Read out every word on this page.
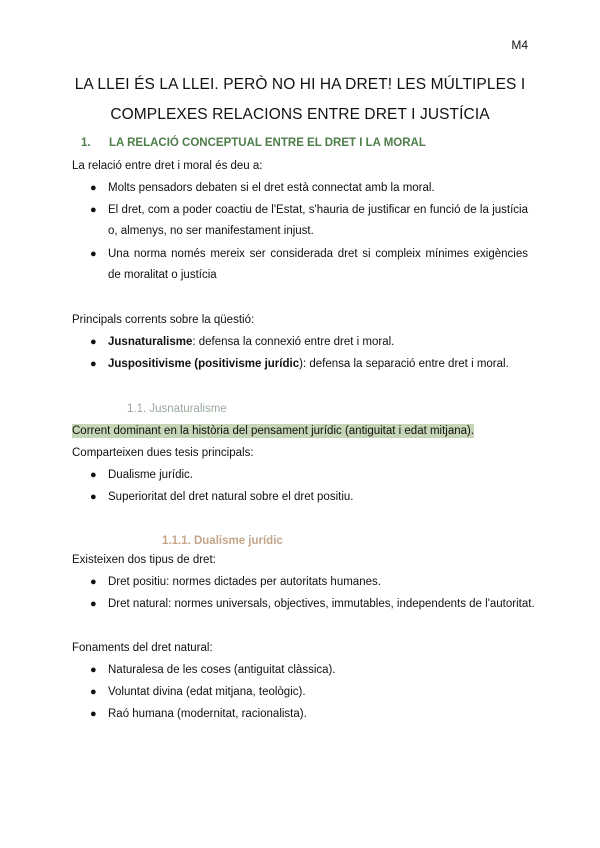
M4
LA LLEI ÉS LA LLEI. PERÒ NO HI HA DRET! LES MÚLTIPLES I
COMPLEXES RELACIONS ENTRE DRET I JUSTÍCIA
1. LA RELACIÓ CONCEPTUAL ENTRE EL DRET I LA MORAL
La relació entre dret i moral és deu a:
● Molts pensadors debaten si el dret està connectat amb la moral.
● El dret, com a poder coactiu de l'Estat, s'hauria de justificar en funció de la justícia o, almenys, no ser manifestament injust.
● Una norma només mereix ser considerada dret si compleix mínimes exigències de moralitat o justícia
Principals corrents sobre la qüestió:
● Jusnaturalisme: defensa la connexió entre dret i moral.
● Juspositivisme (positivisme jurídic): defensa la separació entre dret i moral.
1.1. Jusnaturalisme
Corrent dominant en la història del pensament jurídic (antiguitat i edat mitjana).
Comparteixen dues tesis principals:
● Dualisme jurídic.
● Superioritat del dret natural sobre el dret positiu.
1.1.1. Dualisme jurídic
Existeixen dos tipus de dret:
● Dret positiu: normes dictades per autoritats humanes.
● Dret natural: normes universals, objectives, immutables, independents de l'autoritat.
Fonaments del dret natural:
● Naturalesa de les coses (antiguitat clàssica).
● Voluntat divina (edat mitjana, teològic).
● Raó humana (modernitat, racionalista).
